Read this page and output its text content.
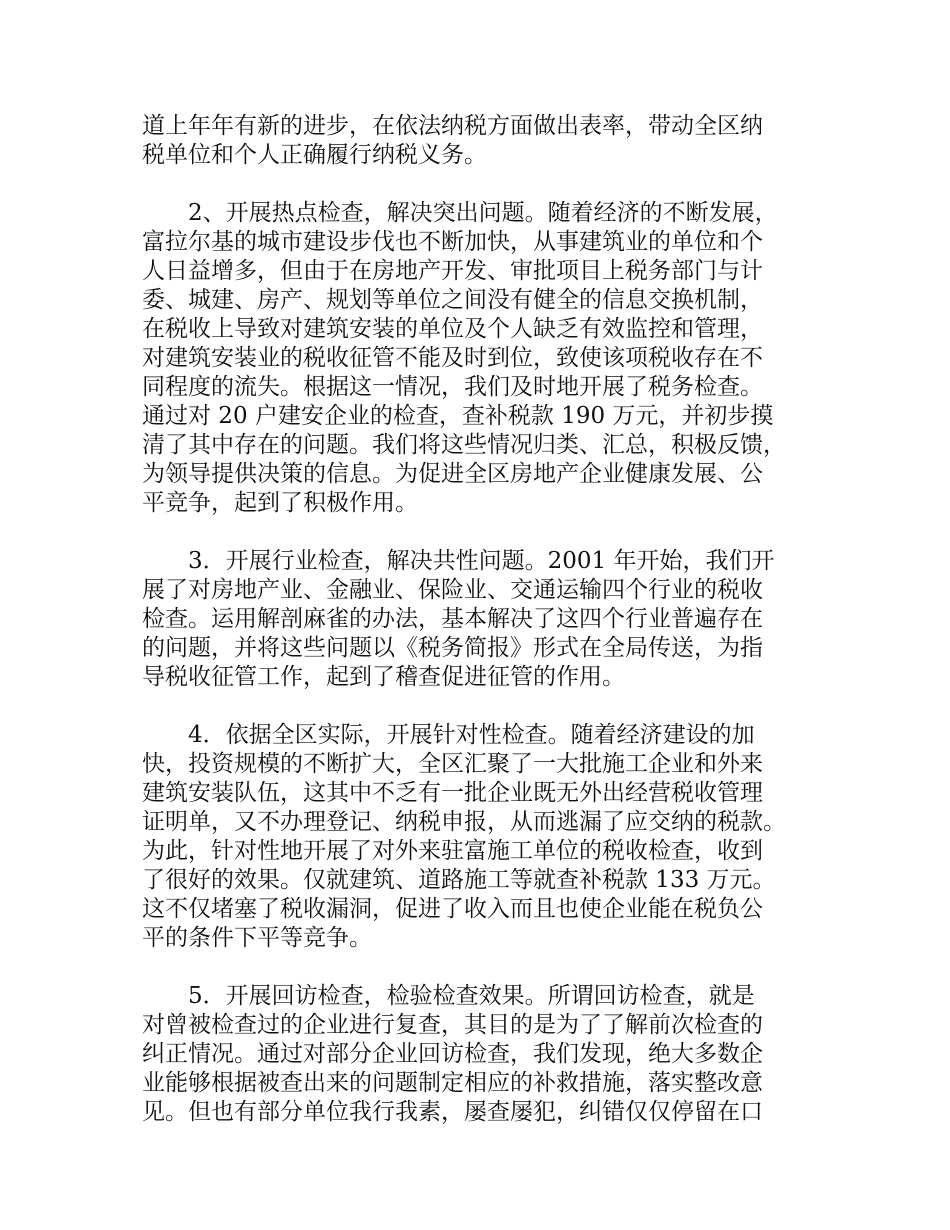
道上年年有新的进步，在依法纳税方面做出表率，带动全区纳
税单位和个人正确履行纳税义务。

　　2、开展热点检查，解决突出问题。随着经济的不断发展，
富拉尔基的城市建设步伐也不断加快，从事建筑业的单位和个
人日益增多，但由于在房地产开发、审批项目上税务部门与计
委、城建、房产、规划等单位之间没有健全的信息交换机制，
在税收上导致对建筑安装的单位及个人缺乏有效监控和管理，
对建筑安装业的税收征管不能及时到位，致使该项税收存在不
同程度的流失。根据这一情况，我们及时地开展了税务检查。
通过对 20 户建安企业的检查，查补税款 190 万元，并初步摸
清了其中存在的问题。我们将这些情况归类、汇总，积极反馈，
为领导提供决策的信息。为促进全区房地产企业健康发展、公
平竞争，起到了积极作用。

　　3．开展行业检查，解决共性问题。2001 年开始，我们开
展了对房地产业、金融业、保险业、交通运输四个行业的税收
检查。运用解剖麻雀的办法，基本解决了这四个行业普遍存在
的问题，并将这些问题以《税务简报》形式在全局传送，为指
导税收征管工作，起到了稽查促进征管的作用。

　　4．依据全区实际，开展针对性检查。随着经济建设的加
快，投资规模的不断扩大，全区汇聚了一大批施工企业和外来
建筑安装队伍，这其中不乏有一批企业既无外出经营税收管理
证明单，又不办理登记、纳税申报，从而逃漏了应交纳的税款。
为此，针对性地开展了对外来驻富施工单位的税收检查，收到
了很好的效果。仅就建筑、道路施工等就查补税款 133 万元。
这不仅堵塞了税收漏洞，促进了收入而且也使企业能在税负公
平的条件下平等竞争。

　　5．开展回访检查，检验检查效果。所谓回访检查，就是
对曾被检查过的企业进行复查，其目的是为了了解前次检查的
纠正情况。通过对部分企业回访检查，我们发现，绝大多数企
业能够根据被查出来的问题制定相应的补救措施，落实整改意
见。但也有部分单位我行我素，屡查屡犯，纠错仅仅停留在口
